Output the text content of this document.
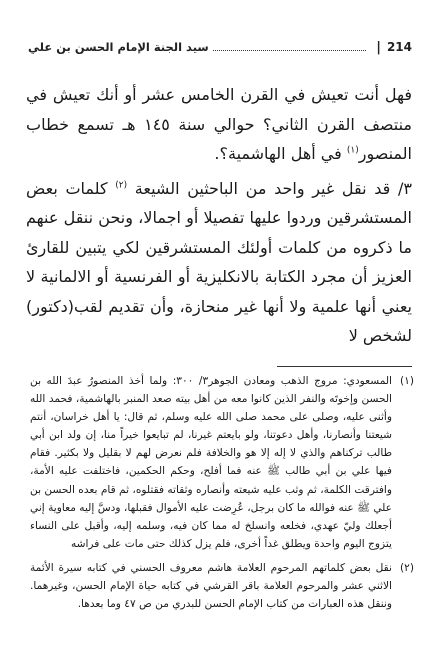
سيد الجنة الإمام الحسن بن علي	| 214

فهل أنت تعيش في القرن الخامس عشر أو أنك تعيش في منتصف القرن الثاني؟ حوالي سنة ١٤٥ هـ تسمع خطاب المنصور$^{(١)}$ في أهل الهاشمية؟.

٣/ قد نقل غير واحد من الباحثين الشيعة $^{(٢)}$ كلمات بعض المستشرقين وردوا عليها تفصيلا أو اجمالا، ونحن ننقل عنهم ما ذكروه من كلمات أولئك المستشرقين لكي يتبين للقارئ العزيز أن مجرد الكتابة بالانكليزية أو الفرنسية أو الالمانية لا يعني أنها علمية ولا أنها غير منحازة، وأن تقديم لقب(دكتور) لشخص لا

(١)
المسعودي: مروج الذهب ومعادن الجوهر٣/ ٣٠٠: ولما أخذ المنصورُ عبدَ الله بن الحسن وإخوتَه والنفر الذين كانوا معه من أهل بيته صعد المنبر بالهاشمية، فحمد الله وأثنى عليه، وصلى على محمد صلى الله عليه وسلم، ثم قال: يا أهل خراسان، أنتم شيعتنا وأنصارنا، وأهل دعوتنا، ولو بايعتم غيرنا، لم تبايعوا خيراً منا، إن ولد ابن أبي طالب تركناهم والذي لا إله إلا هو والخلافة فلم نعرض لهم لا بقليل ولا بكثير. فقام فيها علي بن أبي طالب ﷺ عنه فما أفلح، وحكم الحكمين، فاختلفت عليه الأمة، وافترقت الكلمة، ثم وثب عليه شيعته وأنصاره وثقاته فقتلوه، ثم قام بعده الحسن بن علي ﷺ عنه فوالله ما كان برجل، عُرِضت عليه الأموال فقبلها، ودسَّ إليه معاوية إني أجعلك وليّ عهدي، فخلعه وانسلخ له مما كان فيه، وسلمه إليه، وأقبل على النساء يتزوج اليوم واحدة ويطلق غداً أخرى، فلم يزل كذلك حتى مات على فراشه
(٢)
نقل بعض كلماتهم المرحوم العلامة هاشم معروف الحسني في كتابه سيرة الأئمة الاثني عشر والمرحوم العلامة باقر القرشي في كتابه حياة الإمام الحسن، وغيرهما. وننقل هذه العبارات من كتاب الإمام الحسن للبدري من ص ٤٧ وما بعدها.
